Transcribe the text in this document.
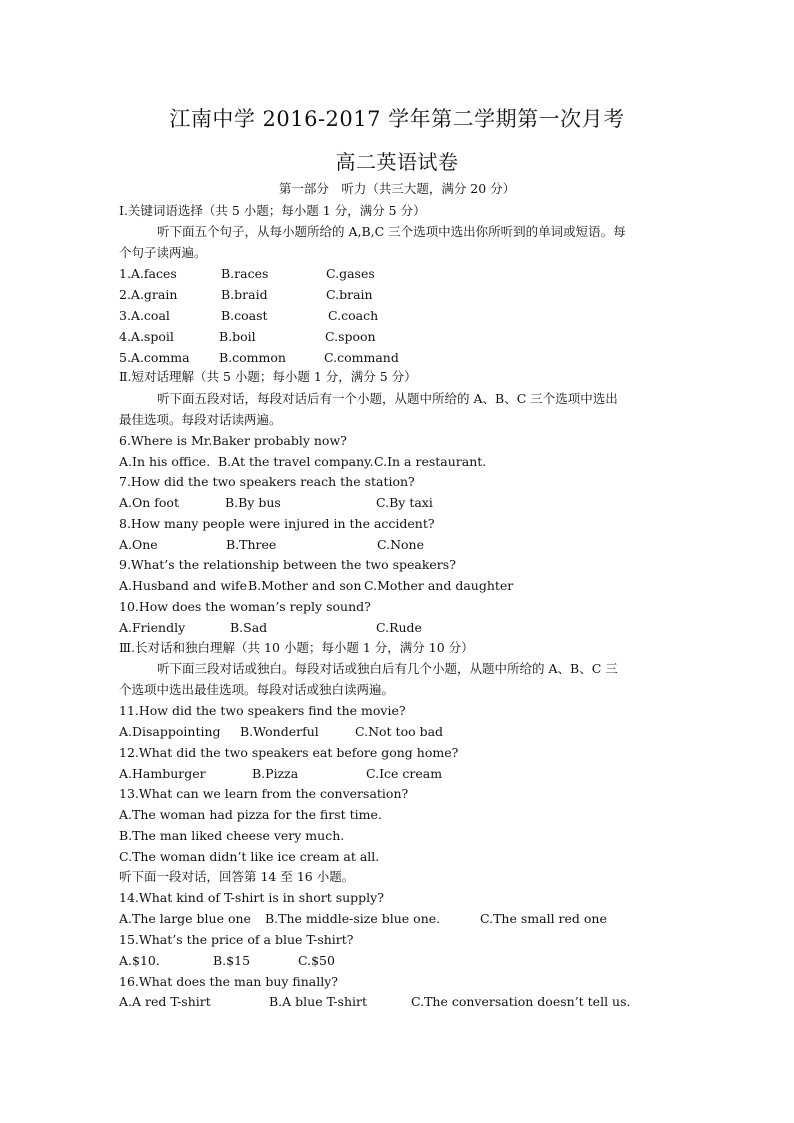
江南中学 2016-2017 学年第二学期第一次月考
高二英语试卷
第一部分　听力（共三大题，满分 20 分）
Ⅰ.关键词语选择（共 5 小题；每小题 1 分，满分 5 分）
听下面五个句子，从每小题所给的 A,B,C 三个选项中选出你所听到的单词或短语。每
个句子读两遍。
1.A.faces	B.races	C.gases
2.A.grain	B.braid	C.brain
3.A.coal	B.coast	C.coach
4.A.spoil	B.boil	C.spoon
5.A.comma B.common	C.command
Ⅱ.短对话理解（共 5 小题；每小题 1 分，满分 5 分）
听下面五段对话，每段对话后有一个小题，从题中所给的 A、B、C 三个选项中选出
最佳选项。每段对话读两遍。
6.Where is Mr.Baker probably now?
A.In his office. B.At the travel company. C.In a restaurant.
7.How did the two speakers reach the station?
A.On foot	B.By bus	C.By taxi
8.How many people were injured in the accident?
A.One	B.Three	C.None
9.What’s the relationship between the two speakers?
A.Husband and wife B.Mother and son C.Mother and daughter
10.How does the woman’s reply sound?
A.Friendly	B.Sad	C.Rude
Ⅲ.长对话和独白理解（共 10 小题；每小题 1 分，满分 10 分）
听下面三段对话或独白。每段对话或独白后有几个小题，从题中所给的 A、B、C 三
个选项中选出最佳选项。每段对话或独白读两遍。
11.How did the two speakers find the movie?
A.Disappointing B.Wonderful	C.Not too bad
12.What did the two speakers eat before gong home?
A.Hamburger	B.Pizza	C.Ice cream
13.What can we learn from the conversation?
A.The woman had pizza for the first time.
B.The man liked cheese very much.
C.The woman didn’t like ice cream at all.
听下面一段对话，回答第 14 至 16 小题。
14.What kind of T-shirt is in short supply?
A.The large blue one B.The middle-size blue one.	C.The small red one
15.What’s the price of a blue T-shirt?
A.$10.	B.$15	C.$50
16.What does the man buy finally?
A.A red T-shirt	B.A blue T-shirt	C.The conversation doesn’t tell us.
